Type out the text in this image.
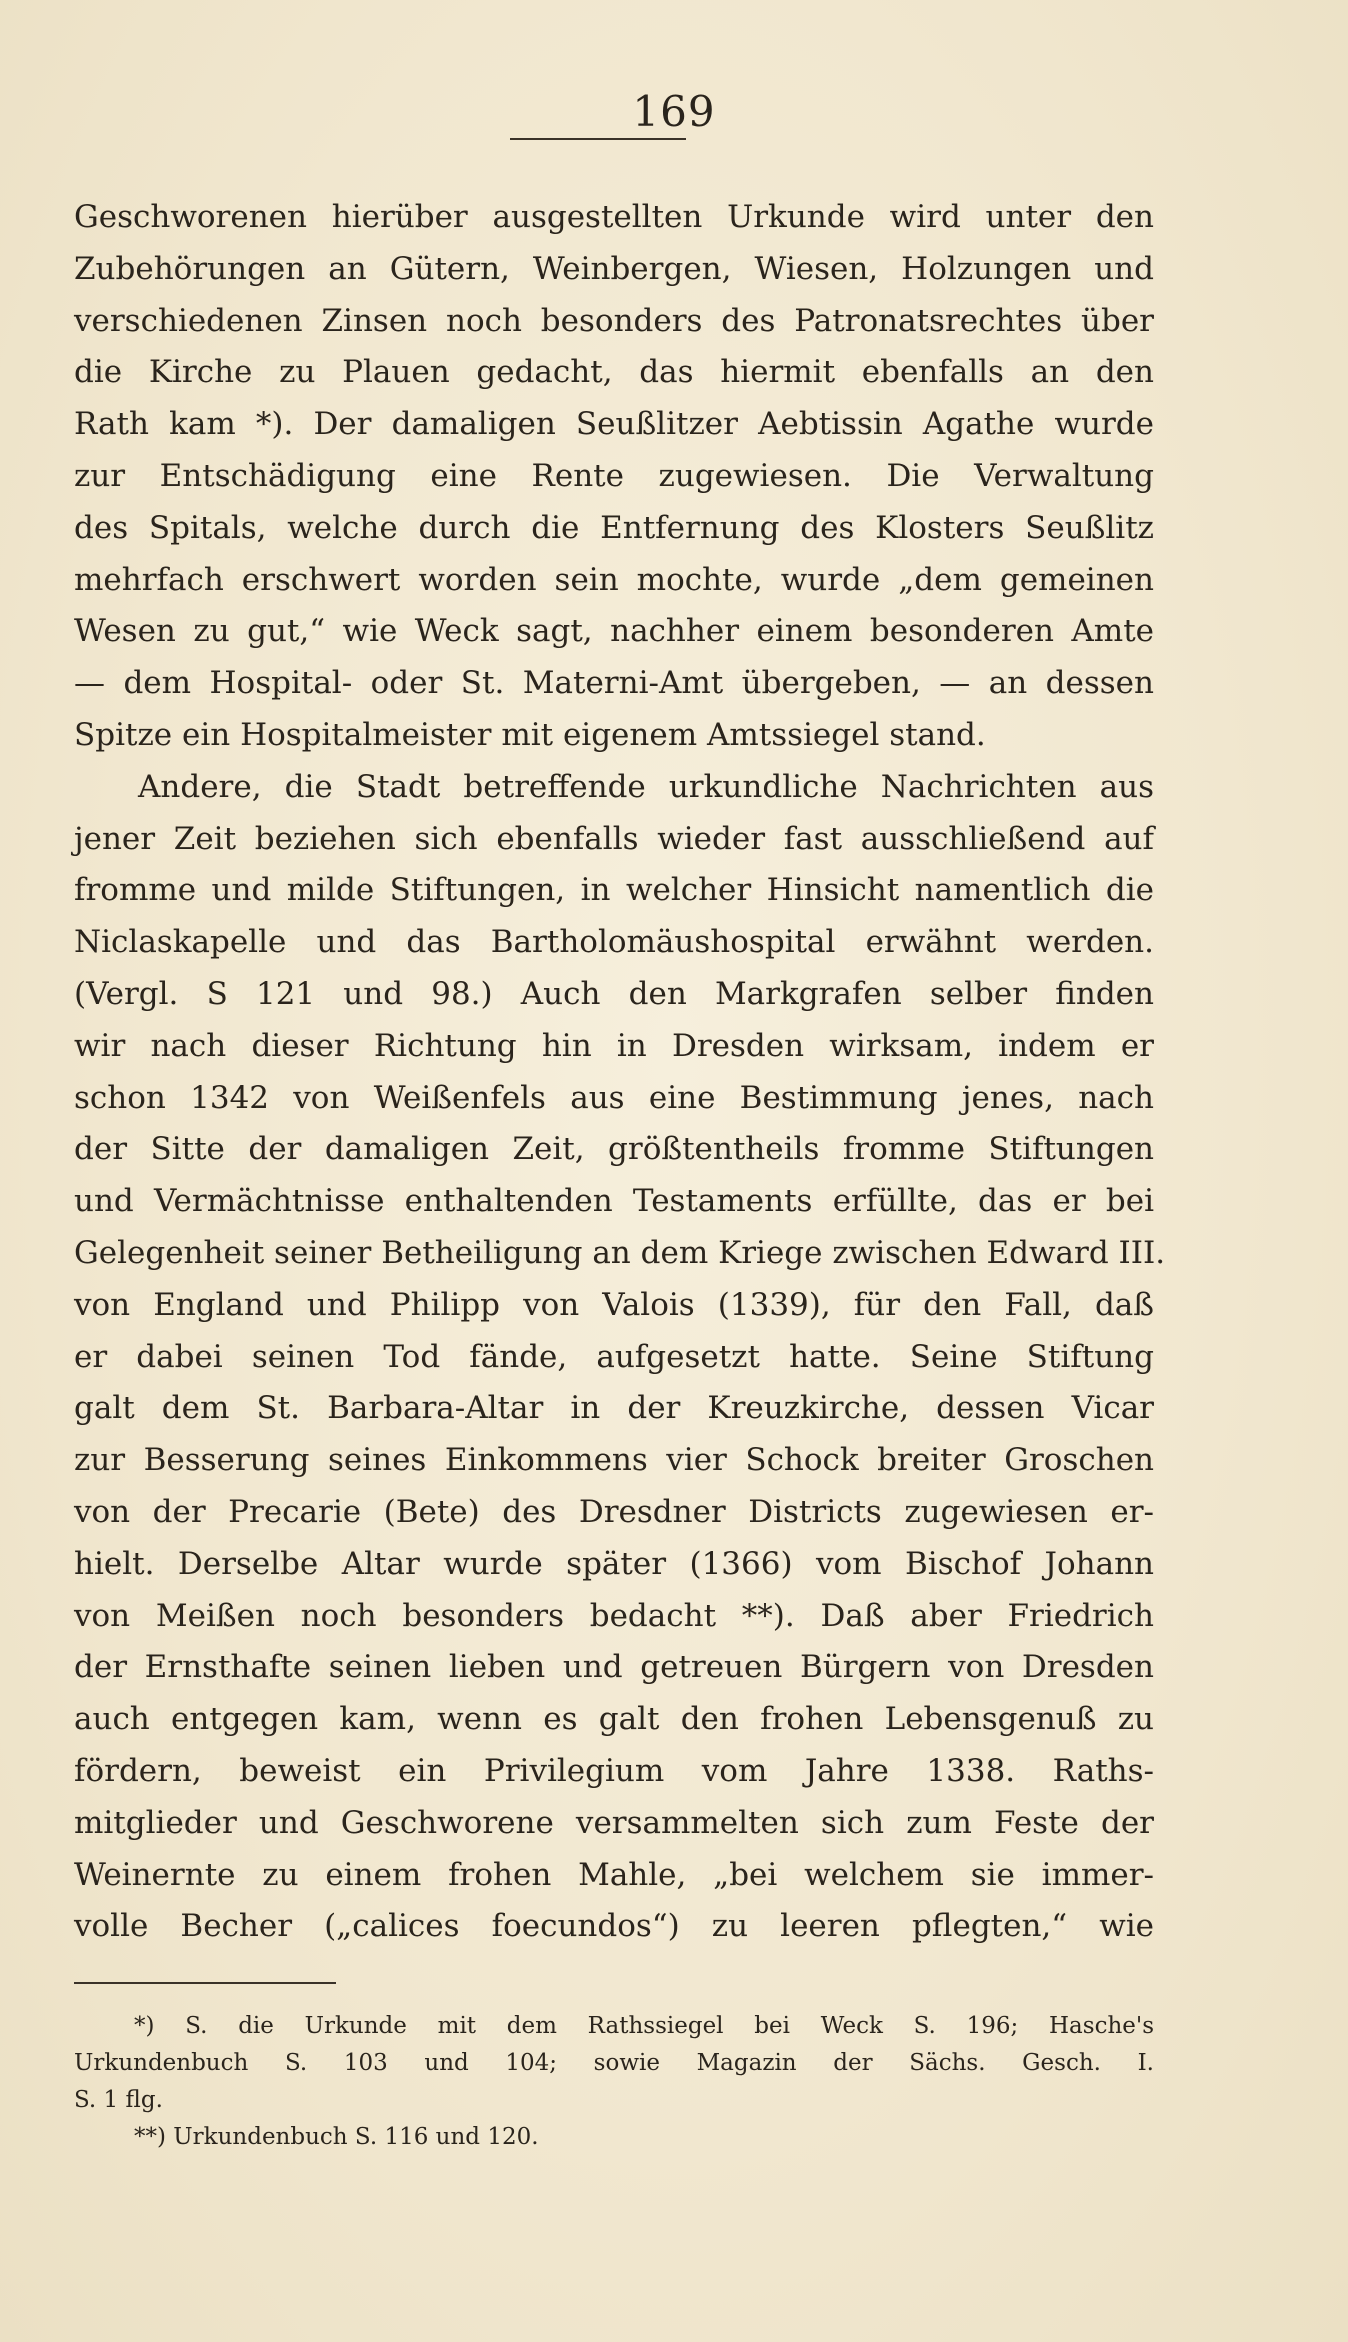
169
Geschworenen hierüber ausgestellten Urkunde wird unter den
Zubehörungen an Gütern, Weinbergen, Wiesen, Holzungen und
verschiedenen Zinsen noch besonders des Patronatsrechtes über
die Kirche zu Plauen gedacht, das hiermit ebenfalls an den
Rath kam *). Der damaligen Seußlitzer Aebtissin Agathe wurde
zur Entschädigung eine Rente zugewiesen. Die Verwaltung
des Spitals, welche durch die Entfernung des Klosters Seußlitz
mehrfach erschwert worden sein mochte, wurde „dem gemeinen
Wesen zu gut,“ wie Weck sagt, nachher einem besonderen Amte
— dem Hospital- oder St. Materni-Amt übergeben, — an dessen
Spitze ein Hospitalmeister mit eigenem Amtssiegel stand.
Andere, die Stadt betreffende urkundliche Nachrichten aus
jener Zeit beziehen sich ebenfalls wieder fast ausschließend auf
fromme und milde Stiftungen, in welcher Hinsicht namentlich die
Niclaskapelle und das Bartholomäushospital erwähnt werden.
(Vergl. S 121 und 98.) Auch den Markgrafen selber finden
wir nach dieser Richtung hin in Dresden wirksam, indem er
schon 1342 von Weißenfels aus eine Bestimmung jenes, nach
der Sitte der damaligen Zeit, größtentheils fromme Stiftungen
und Vermächtnisse enthaltenden Testaments erfüllte, das er bei
Gelegenheit seiner Betheiligung an dem Kriege zwischen Edward III.
von England und Philipp von Valois (1339), für den Fall, daß
er dabei seinen Tod fände, aufgesetzt hatte. Seine Stiftung
galt dem St. Barbara-Altar in der Kreuzkirche, dessen Vicar
zur Besserung seines Einkommens vier Schock breiter Groschen
von der Precarie (Bete) des Dresdner Districts zugewiesen er-
hielt. Derselbe Altar wurde später (1366) vom Bischof Johann
von Meißen noch besonders bedacht **). Daß aber Friedrich
der Ernsthafte seinen lieben und getreuen Bürgern von Dresden
auch entgegen kam, wenn es galt den frohen Lebensgenuß zu
fördern, beweist ein Privilegium vom Jahre 1338. Raths-
mitglieder und Geschworene versammelten sich zum Feste der
Weinernte zu einem frohen Mahle, „bei welchem sie immer-
volle Becher („calices foecundos“) zu leeren pflegten,“ wie
*) S. die Urkunde mit dem Rathssiegel bei Weck S. 196; Hasche's
Urkundenbuch S. 103 und 104; sowie Magazin der Sächs. Gesch. I.
S. 1 flg.
**) Urkundenbuch S. 116 und 120.
